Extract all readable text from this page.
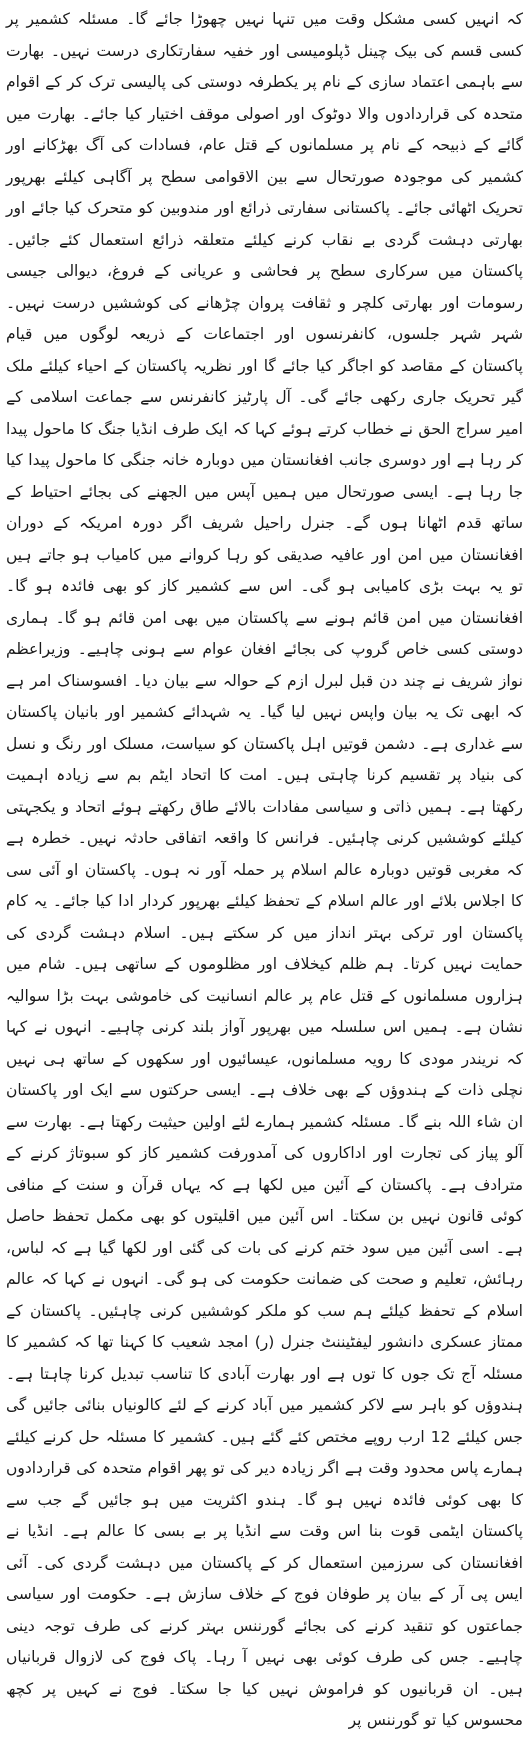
کہ انہیں کسی مشکل وقت میں تنہا نہیں چھوڑا جائے گا۔ مسئلہ کشمیر پر کسی قسم کی بیک چینل ڈپلومیسی اور خفیہ سفارتکاری درست نہیں۔ بھارت سے باہمی اعتماد سازی کے نام پر یکطرفہ دوستی کی پالیسی ترک کر کے اقوام متحدہ کی قراردادوں والا دوٹوک اور اصولی موقف اختیار کیا جائے۔ بھارت میں گائے کے ذبیحہ کے نام پر مسلمانوں کے قتل عام، فسادات کی آگ بھڑکانے اور کشمیر کی موجودہ صورتحال سے بین الاقوامی سطح پر آگاہی کیلئے بھرپور تحریک اٹھائی جائے۔ پاکستانی سفارتی ذرائع اور مندوبین کو متحرک کیا جائے اور بھارتی دہشت گردی بے نقاب کرنے کیلئے متعلقہ ذرائع استعمال کئے جائیں۔ پاکستان میں سرکاری سطح پر فحاشی و عریانی کے فروغ، دیوالی جیسی رسومات اور بھارتی کلچر و ثقافت پروان چڑھانے کی کوششیں درست نہیں۔ شہر شہر جلسوں، کانفرنسوں اور اجتماعات کے ذریعہ لوگوں میں قیام پاکستان کے مقاصد کو اجاگر کیا جائے گا اور نظریہ پاکستان کے احیاء کیلئے ملک گیر تحریک جاری رکھی جائے گی۔ آل پارٹیز کانفرنس سے جماعت اسلامی کے امیر سراج الحق نے خطاب کرتے ہوئے کہا کہ ایک طرف انڈیا جنگ کا ماحول پیدا کر رہا ہے اور دوسری جانب افغانستان میں دوبارہ خانہ جنگی کا ماحول پیدا کیا جا رہا ہے۔ ایسی صورتحال میں ہمیں آپس میں الجھنے کی بجائے احتیاط کے ساتھ قدم اٹھانا ہوں گے۔ جنرل راحیل شریف اگر دورہ امریکہ کے دوران افغانستان میں امن اور عافیہ صدیقی کو رہا کروانے میں کامیاب ہو جاتے ہیں تو یہ بہت بڑی کامیابی ہو گی۔ اس سے کشمیر کاز کو بھی فائدہ ہو گا۔ افغانستان میں امن قائم ہونے سے پاکستان میں بھی امن قائم ہو گا۔ ہماری دوستی کسی خاص گروپ کی بجائے افغان عوام سے ہونی چاہیے۔ وزیراعظم نواز شریف نے چند دن قبل لبرل ازم کے حوالہ سے بیان دیا۔ افسوسناک امر ہے کہ ابھی تک یہ بیان واپس نہیں لیا گیا۔ یہ شہدائے کشمیر اور بانیان پاکستان سے غداری ہے۔ دشمن قوتیں اہل پاکستان کو سیاست، مسلک اور رنگ و نسل کی بنیاد پر تقسیم کرنا چاہتی ہیں۔ امت کا اتحاد ایٹم بم سے زیادہ اہمیت رکھتا ہے۔ ہمیں ذاتی و سیاسی مفادات بالائے طاق رکھتے ہوئے اتحاد و یکجہتی کیلئے کوششیں کرنی چاہئیں۔ فرانس کا واقعہ اتفاقی حادثہ نہیں۔ خطرہ ہے کہ مغربی قوتیں دوبارہ عالم اسلام پر حملہ آور نہ ہوں۔ پاکستان او آئی سی کا اجلاس بلائے اور عالم اسلام کے تحفظ کیلئے بھرپور کردار ادا کیا جائے۔ یہ کام پاکستان اور ترکی بہتر انداز میں کر سکتے ہیں۔ اسلام دہشت گردی کی حمایت نہیں کرتا۔ ہم ظلم کیخلاف اور مظلوموں کے ساتھی ہیں۔ شام میں ہزاروں مسلمانوں کے قتل عام پر عالم انسانیت کی خاموشی بہت بڑا سوالیہ نشان ہے۔ ہمیں اس سلسلہ میں بھرپور آواز بلند کرنی چاہیے۔ انہوں نے کہا کہ نریندر مودی کا رویہ مسلمانوں، عیسائیوں اور سکھوں کے ساتھ ہی نہیں نچلی ذات کے ہندوؤں کے بھی خلاف ہے۔ ایسی حرکتوں سے ایک اور پاکستان ان شاء اللہ بنے گا۔ مسئلہ کشمیر ہمارے لئے اولین حیثیت رکھتا ہے۔ بھارت سے آلو پیاز کی تجارت اور اداکاروں کی آمدورفت کشمیر کاز کو سبوتاژ کرنے کے مترادف ہے۔ پاکستان کے آئین میں لکھا ہے کہ یہاں قرآن و سنت کے منافی کوئی قانون نہیں بن سکتا۔ اس آئین میں اقلیتوں کو بھی مکمل تحفظ حاصل ہے۔ اسی آئین میں سود ختم کرنے کی بات کی گئی اور لکھا گیا ہے کہ لباس، رہائش، تعلیم و صحت کی ضمانت حکومت کی ہو گی۔ انہوں نے کہا کہ عالم اسلام کے تحفظ کیلئے ہم سب کو ملکر کوششیں کرنی چاہئیں۔ پاکستان کے ممتاز عسکری دانشور لیفٹیننٹ جنرل (ر) امجد شعیب کا کہنا تھا کہ کشمیر کا مسئلہ آج تک جوں کا توں ہے اور بھارت آبادی کا تناسب تبدیل کرنا چاہتا ہے۔ ہندوؤں کو باہر سے لاکر کشمیر میں آباد کرنے کے لئے کالونیاں بنائی جائیں گی جس کیلئے 12 ارب روپے مختص کئے گئے ہیں۔ کشمیر کا مسئلہ حل کرنے کیلئے ہمارے پاس محدود وقت ہے اگر زیادہ دیر کی تو پھر اقوام متحدہ کی قراردادوں کا بھی کوئی فائدہ نہیں ہو گا۔ ہندو اکثریت میں ہو جائیں گے جب سے پاکستان ایٹمی قوت بنا اس وقت سے انڈیا پر بے بسی کا عالم ہے۔ انڈیا نے افغانستان کی سرزمین استعمال کر کے پاکستان میں دہشت گردی کی۔ آئی ایس پی آر کے بیان پر طوفان فوج کے خلاف سازش ہے۔ حکومت اور سیاسی جماعتوں کو تنقید کرنے کی بجائے گورننس بہتر کرنے کی طرف توجہ دینی چاہیے۔ جس کی طرف کوئی بھی نہیں آ رہا۔ پاک فوج کی لازوال قربانیاں ہیں۔ ان قربانیوں کو فراموش نہیں کیا جا سکتا۔ فوج نے کہیں پر کچھ محسوس کیا تو گورننس پر
